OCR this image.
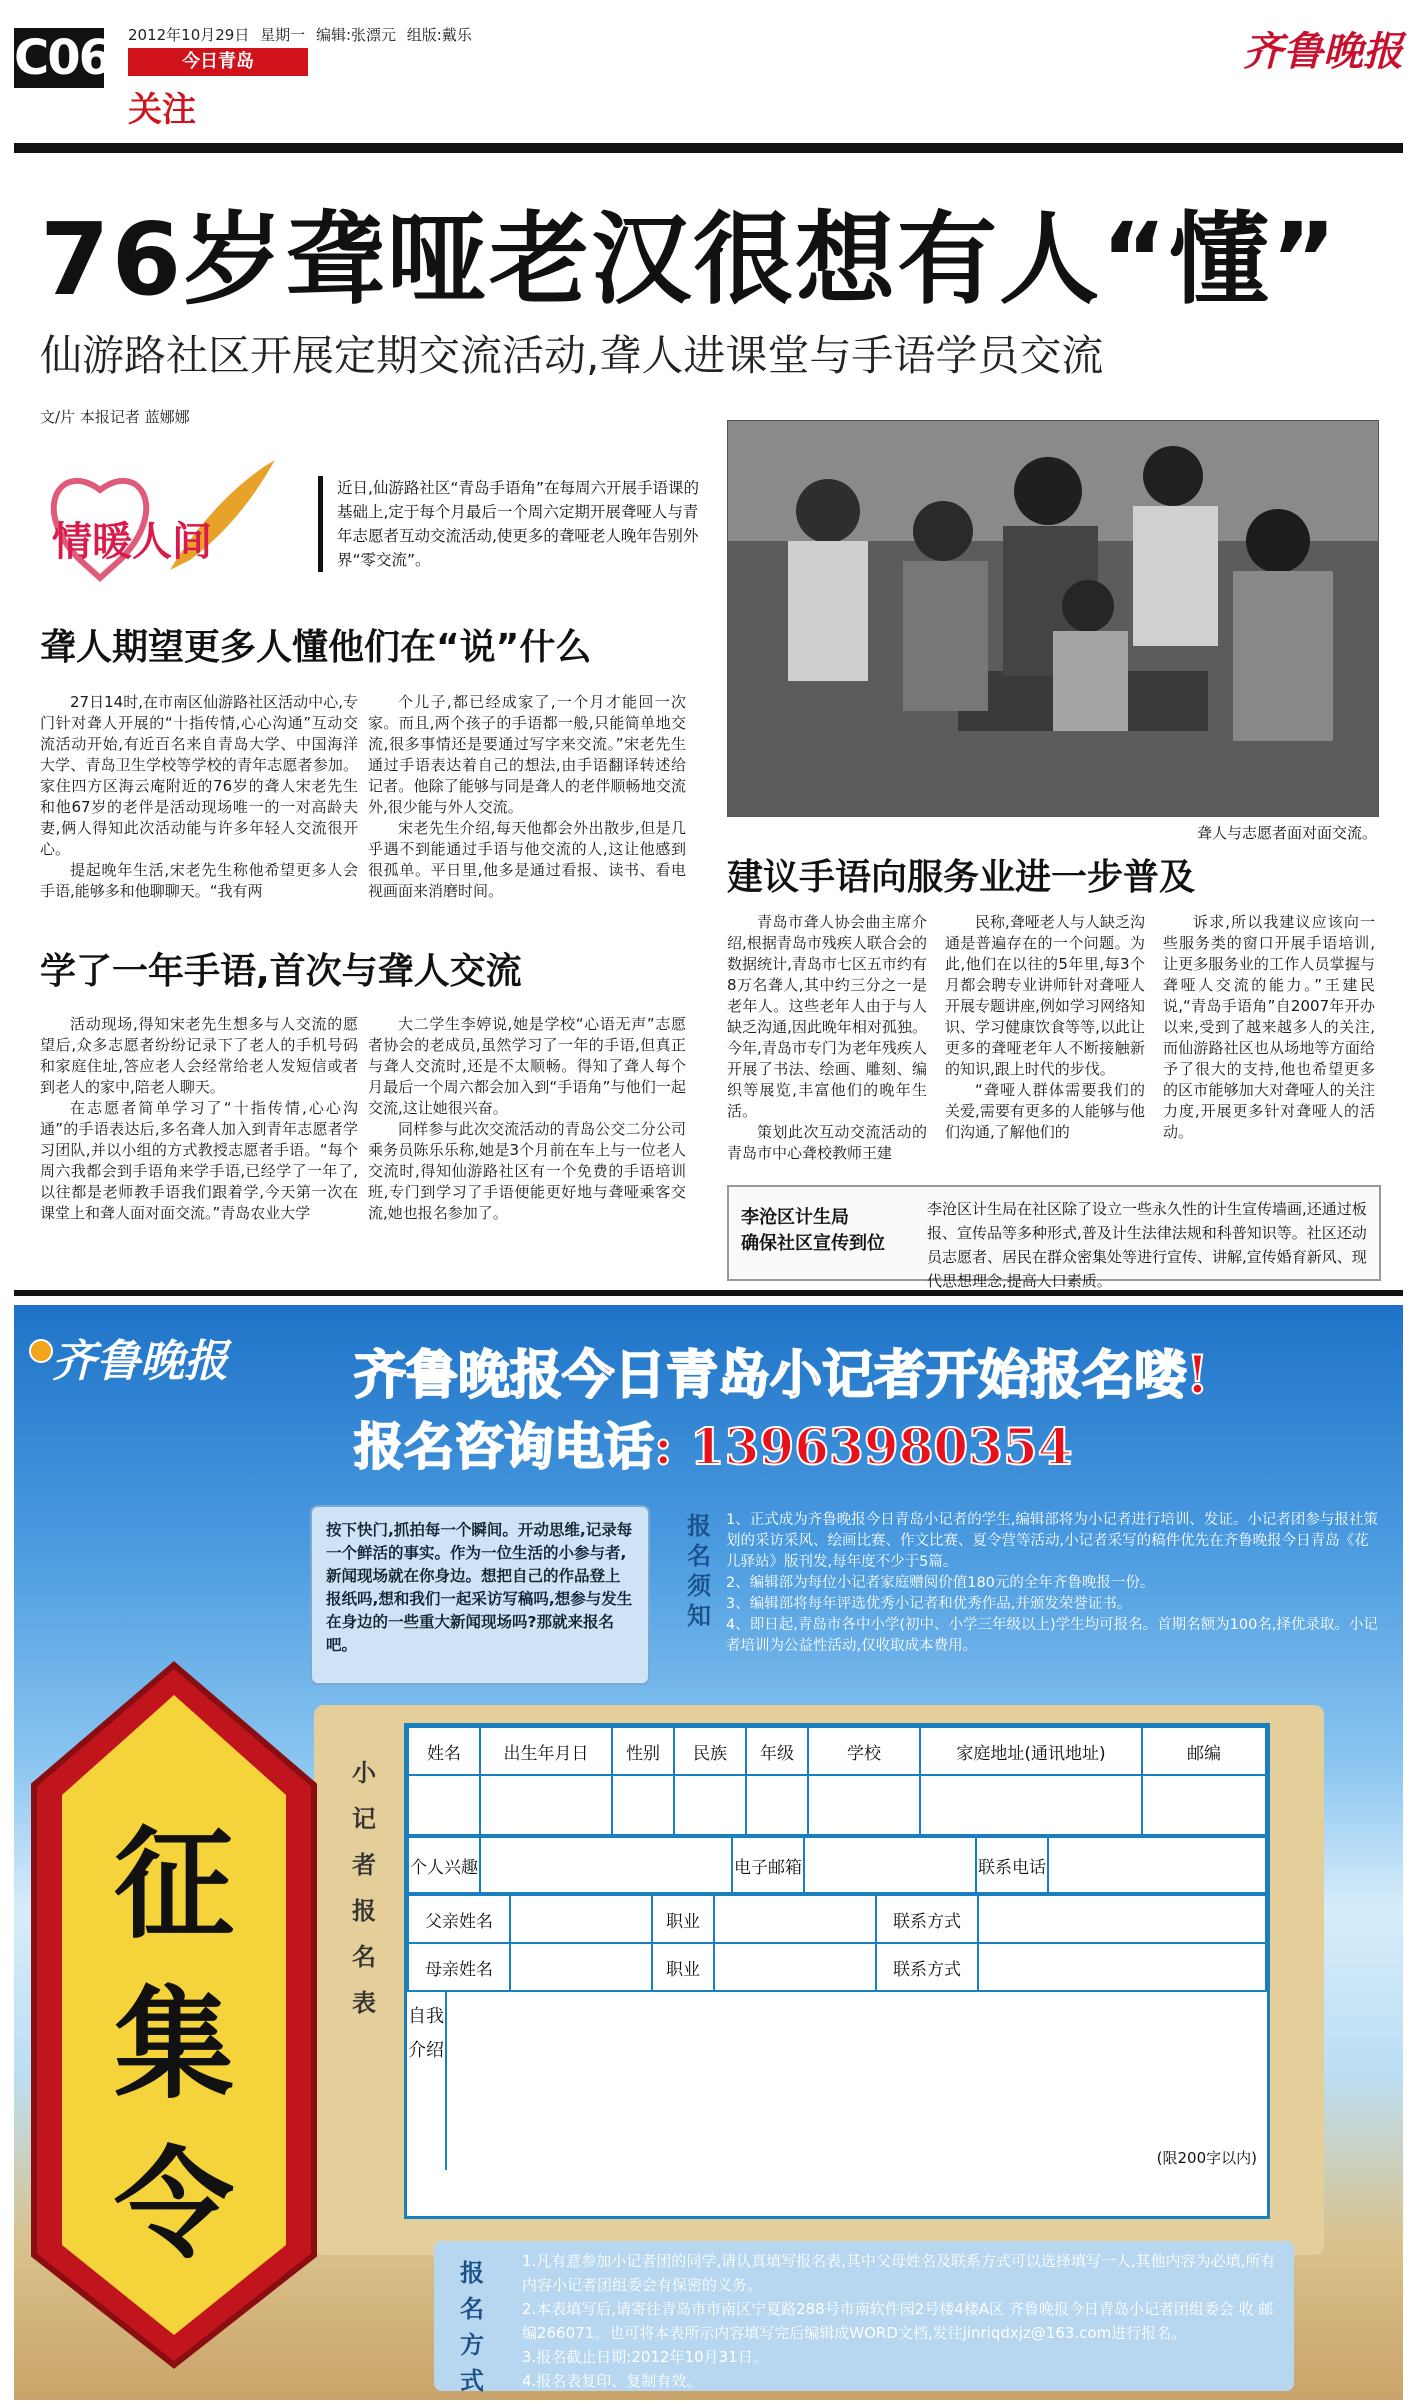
C06 2012年10月29日 星期一 编辑:张漂元 组版:戴乐
今日青岛
关注
齐鲁晚报
76岁聋哑老汉很想有人“懂”
仙游路社区开展定期交流活动,聋人进课堂与手语学员交流
文/片 本报记者 蓝娜娜
情暖人间
近日,仙游路社区“青岛手语角”在每周六开展手语课的基础上,定于每个月最后一个周六定期开展聋哑人与青年志愿者互动交流活动,使更多的聋哑老人晚年告别外界“零交流”。
聋人期望更多人懂他们在“说”什么

27日14时,在市南区仙游路社区活动中心,专门针对聋人开展的“十指传情,心心沟通”互动交流活动开始,有近百名来自青岛大学、中国海洋大学、青岛卫生学校等学校的青年志愿者参加。家住四方区海云庵附近的76岁的聋人宋老先生和他67岁的老伴是活动现场唯一的一对高龄夫妻,俩人得知此次活动能与许多年轻人交流很开心。

提起晚年生活,宋老先生称他希望更多人会手语,能够多和他聊聊天。“我有两

个儿子,都已经成家了,一个月才能回一次家。而且,两个孩子的手语都一般,只能简单地交流,很多事情还是要通过写字来交流。”宋老先生通过手语表达着自己的想法,由手语翻译转述给记者。他除了能够与同是聋人的老伴顺畅地交流外,很少能与外人交流。

宋老先生介绍,每天他都会外出散步,但是几乎遇不到能通过手语与他交流的人,这让他感到很孤单。平日里,他多是通过看报、读书、看电视画面来消磨时间。

学了一年手语,首次与聋人交流

活动现场,得知宋老先生想多与人交流的愿望后,众多志愿者纷纷记录下了老人的手机号码和家庭住址,答应老人会经常给老人发短信或者到老人的家中,陪老人聊天。

在志愿者简单学习了“十指传情,心心沟通”的手语表达后,多名聋人加入到青年志愿者学习团队,并以小组的方式教授志愿者手语。“每个周六我都会到手语角来学手语,已经学了一年了,以往都是老师教手语我们跟着学,今天第一次在课堂上和聋人面对面交流。”青岛农业大学

大二学生李婷说,她是学校“心语无声”志愿者协会的老成员,虽然学习了一年的手语,但真正与聋人交流时,还是不太顺畅。得知了聋人每个月最后一个周六都会加入到“手语角”与他们一起交流,这让她很兴奋。

同样参与此次交流活动的青岛公交二分公司乘务员陈乐乐称,她是3个月前在车上与一位老人交流时,得知仙游路社区有一个免费的手语培训班,专门到学习了手语便能更好地与聋哑乘客交流,她也报名参加了。

聋人与志愿者面对面交流。
建议手语向服务业进一步普及

青岛市聋人协会曲主席介绍,根据青岛市残疾人联合会的数据统计,青岛市七区五市约有8万名聋人,其中约三分之一是老年人。这些老年人由于与人缺乏沟通,因此晚年相对孤独。今年,青岛市专门为老年残疾人开展了书法、绘画、雕刻、编织等展览,丰富他们的晚年生活。

策划此次互动交流活动的青岛市中心聋校教师王建

民称,聋哑老人与人缺乏沟通是普遍存在的一个问题。为此,他们在以往的5年里,每3个月都会聘专业讲师针对聋哑人开展专题讲座,例如学习网络知识、学习健康饮食等等,以此让更多的聋哑老年人不断接触新的知识,跟上时代的步伐。

“聋哑人群体需要我们的关爱,需要有更多的人能够与他们沟通,了解他们的

诉求,所以我建议应该向一些服务类的窗口开展手语培训,让更多服务业的工作人员掌握与聋哑人交流的能力。”王建民说,“青岛手语角”自2007年开办以来,受到了越来越多人的关注,而仙游路社区也从场地等方面给予了很大的支持,他也希望更多的区市能够加大对聋哑人的关注力度,开展更多针对聋哑人的活动。

李沧区计生局
确保社区宣传到位
李沧区计生局在社区除了设立一些永久性的计生宣传墙画,还通过板报、宣传品等多种形式,普及计生法律法规和科普知识等。社区还动员志愿者、居民在群众密集处等进行宣传、讲解,宣传婚育新风、现代思想理念,提高人口素质。
齐鲁晚报 齐鲁晚报今日青岛小记者开始报名喽!
报名咨询电话: 13963980354
按下快门,抓拍每一个瞬间。开动思维,记录每一个鲜活的事实。作为一位生活的小参与者,新闻现场就在你身边。想把自己的作品登上报纸吗,想和我们一起采访写稿吗,想参与发生在身边的一些重大新闻现场吗?那就来报名吧。
报名须知

1、正式成为齐鲁晚报今日青岛小记者的学生,编辑部将为小记者进行培训、发证。小记者团参与报社策划的采访采风、绘画比赛、作文比赛、夏令营等活动,小记者采写的稿件优先在齐鲁晚报今日青岛《花儿驿站》版刊发,每年度不少于5篇。

2、编辑部为每位小记者家庭赠阅价值180元的全年齐鲁晚报一份。

3、编辑部将每年评选优秀小记者和优秀作品,并颁发荣誉证书。

4、即日起,青岛市各中小学(初中、小学三年级以上)学生均可报名。首期名额为100名,择优录取。小记者培训为公益性活动,仅收取成本费用。

征集令
小记者报名表
姓名	出生年月日	性别	民族	年级	学校	家庭地址(通讯地址)	邮编

个人兴趣		电子邮箱		联系电话	
父亲姓名		职业		联系方式	
母亲姓名		职业		联系方式	
自我介绍
(限200字以内)
报名方式

1.凡有意参加小记者团的同学,请认真填写报名表,其中父母姓名及联系方式可以选择填写一人,其他内容为必填,所有内容小记者团组委会有保密的义务。

2.本表填写后,请寄往青岛市市南区宁夏路288号市南软件园2号楼4楼A区 齐鲁晚报今日青岛小记者团组委会 收 邮编266071。也可将本表所示内容填写完后编辑成WORD文档,发往jinriqdxjz@163.com进行报名。

3.报名截止日期:2012年10月31日。

4.报名表复印、复制有效。
